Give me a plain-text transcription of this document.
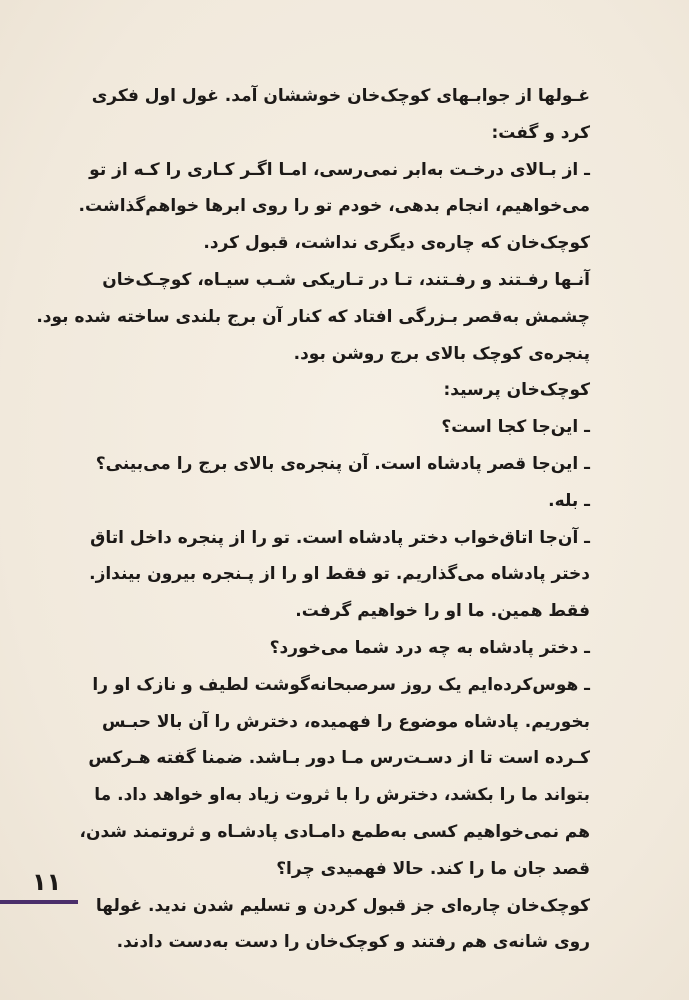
غـولها از جوابـهای کوچک‌خان خوششان آمد. غول اول فکری
کرد و گفت:
ـ از بـالای درخـت به‌ابر نمی‌رسی، امـا اگـر کـاری را کـه از تو
می‌خواهیم، انجام بدهی، خودم تو را روی ابرها خواهم‌گذاشت.
کوچک‌خان که چاره‌ی دیگری نداشت، قبول کرد.
آنـها رفـتند و رفـتند، تـا در تـاریکی شـب سیـاه، کوچـک‌خان
چشمش به‌قصر بـزرگی افتاد که کنار آن برج بلندی ساخته شده بود.
پنجره‌ی کوچک بالای برج روشن بود.
کوچک‌خان پرسید:
ـ این‌جا کجا است؟
ـ این‌جا قصر پادشاه است. آن پنجره‌ی بالای برج را می‌بینی؟
ـ بله.
ـ آن‌جا اتاق‌خواب دختر پادشاه است. تو را از پنجره داخل اتاق
دختر پادشاه می‌گذاریم. تو فقط او را از پـنجره بیرون بینداز.
فقط همین. ما او را خواهیم گرفت.
ـ دختر پادشاه به چه درد شما می‌خورد؟
ـ هوس‌کرده‌ایم یک روز سرصبحانه‌گوشت لطیف و نازک او را
بخوریم. پادشاه موضوع را فهمیده، دخترش را آن بالا حبـس
کـرده است تا از دسـت‌رس مـا دور بـاشد. ضمنا گفته هـرکس
بتواند ما را بکشد، دخترش را با ثروت زیاد به‌او خواهد داد. ما
هم نمی‌خواهیم کسی به‌طمع دامـادی پادشـاه و ثروتمند شدن،
قصد جان ما را کند. حالا فهمیدی چرا؟
کوچک‌خان چاره‌ای جز قبول کردن و تسلیم شدن ندید. غولها
روی شانه‌ی هم رفتند و کوچک‌خان را دست به‌دست دادند.
۱۱
